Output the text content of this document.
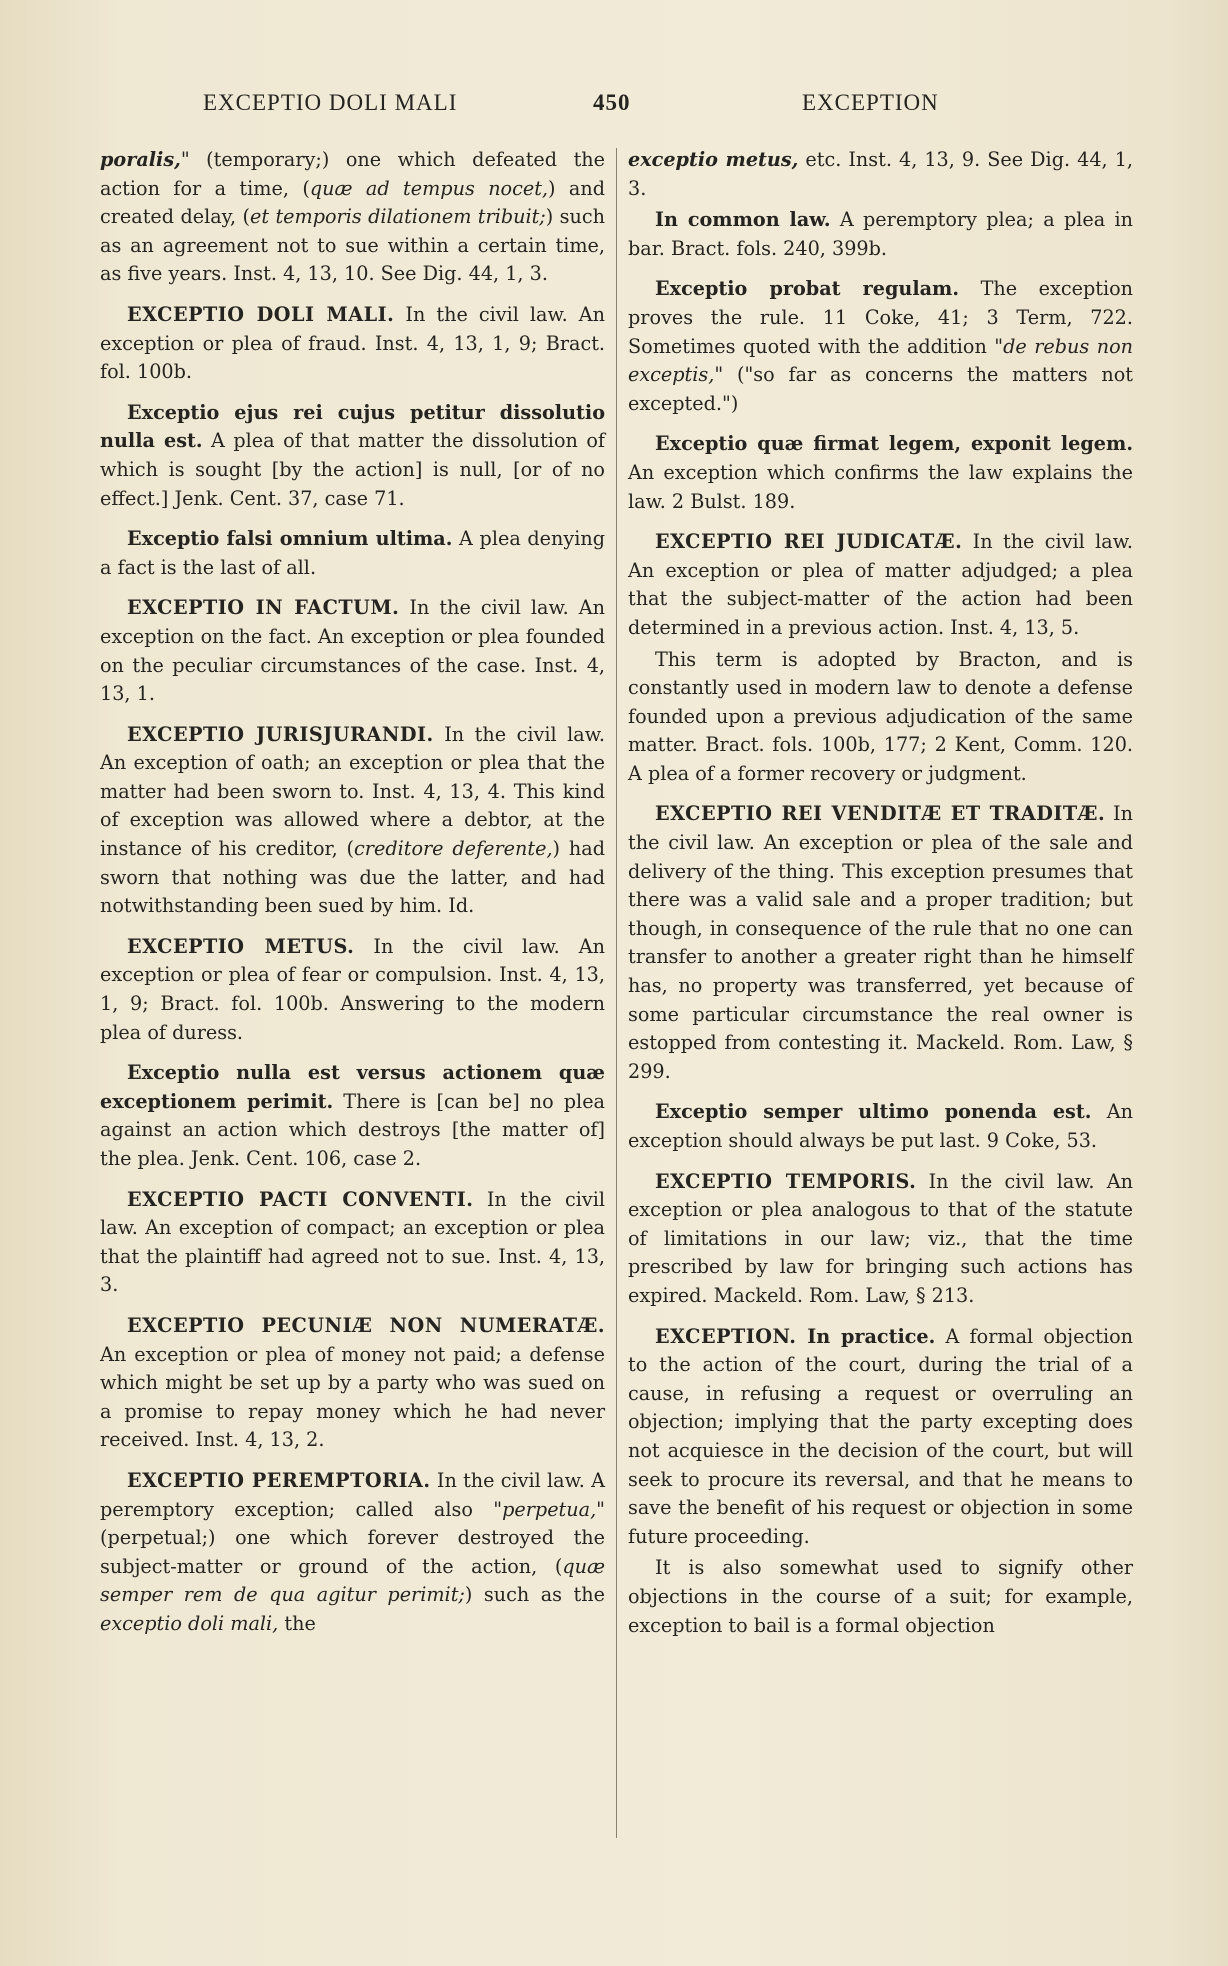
EXCEPTIO DOLI MALI	450	EXCEPTION

poralis," (temporary;) one which defeated the action for a time, (quæ ad tempus nocet,) and created delay, (et temporis dilationem tribuit;) such as an agreement not to sue within a certain time, as five years. Inst. 4, 13, 10. See Dig. 44, 1, 3.

EXCEPTIO DOLI MALI. In the civil law. An exception or plea of fraud. Inst. 4, 13, 1, 9; Bract. fol. 100b.

Exceptio ejus rei cujus petitur dissolutio nulla est. A plea of that matter the dissolution of which is sought [by the action] is null, [or of no effect.] Jenk. Cent. 37, case 71.

Exceptio falsi omnium ultima. A plea denying a fact is the last of all.

EXCEPTIO IN FACTUM. In the civil law. An exception on the fact. An exception or plea founded on the peculiar circumstances of the case. Inst. 4, 13, 1.

EXCEPTIO JURISJURANDI. In the civil law. An exception of oath; an exception or plea that the matter had been sworn to. Inst. 4, 13, 4. This kind of exception was allowed where a debtor, at the instance of his creditor, (creditore deferente,) had sworn that nothing was due the latter, and had notwithstanding been sued by him. Id.

EXCEPTIO METUS. In the civil law. An exception or plea of fear or compulsion. Inst. 4, 13, 1, 9; Bract. fol. 100b. Answering to the modern plea of duress.

Exceptio nulla est versus actionem quæ exceptionem perimit. There is [can be] no plea against an action which destroys [the matter of] the plea. Jenk. Cent. 106, case 2.

EXCEPTIO PACTI CONVENTI. In the civil law. An exception of compact; an exception or plea that the plaintiff had agreed not to sue. Inst. 4, 13, 3.

EXCEPTIO PECUNIÆ NON NUMERATÆ. An exception or plea of money not paid; a defense which might be set up by a party who was sued on a promise to repay money which he had never received. Inst. 4, 13, 2.

EXCEPTIO PEREMPTORIA. In the civil law. A peremptory exception; called also "perpetua," (perpetual;) one which forever destroyed the subject-matter or ground of the action, (quæ semper rem de qua agitur perimit;) such as the exceptio doli mali, the

exceptio metus, etc. Inst. 4, 13, 9. See Dig. 44, 1, 3.

In common law. A peremptory plea; a plea in bar. Bract. fols. 240, 399b.

Exceptio probat regulam. The exception proves the rule. 11 Coke, 41; 3 Term, 722. Sometimes quoted with the addition "de rebus non exceptis," ("so far as concerns the matters not excepted.")

Exceptio quæ firmat legem, exponit legem. An exception which confirms the law explains the law. 2 Bulst. 189.

EXCEPTIO REI JUDICATÆ. In the civil law. An exception or plea of matter adjudged; a plea that the subject-matter of the action had been determined in a previous action. Inst. 4, 13, 5.

This term is adopted by Bracton, and is constantly used in modern law to denote a defense founded upon a previous adjudication of the same matter. Bract. fols. 100b, 177; 2 Kent, Comm. 120. A plea of a former recovery or judgment.

EXCEPTIO REI VENDITÆ ET TRADITÆ. In the civil law. An exception or plea of the sale and delivery of the thing. This exception presumes that there was a valid sale and a proper tradition; but though, in consequence of the rule that no one can transfer to another a greater right than he himself has, no property was transferred, yet because of some particular circumstance the real owner is estopped from contesting it. Mackeld. Rom. Law, § 299.

Exceptio semper ultimo ponenda est. An exception should always be put last. 9 Coke, 53.

EXCEPTIO TEMPORIS. In the civil law. An exception or plea analogous to that of the statute of limitations in our law; viz., that the time prescribed by law for bringing such actions has expired. Mackeld. Rom. Law, § 213.

EXCEPTION. In practice. A formal objection to the action of the court, during the trial of a cause, in refusing a request or overruling an objection; implying that the party excepting does not acquiesce in the decision of the court, but will seek to procure its reversal, and that he means to save the benefit of his request or objection in some future proceeding.

It is also somewhat used to signify other objections in the course of a suit; for example, exception to bail is a formal objection
